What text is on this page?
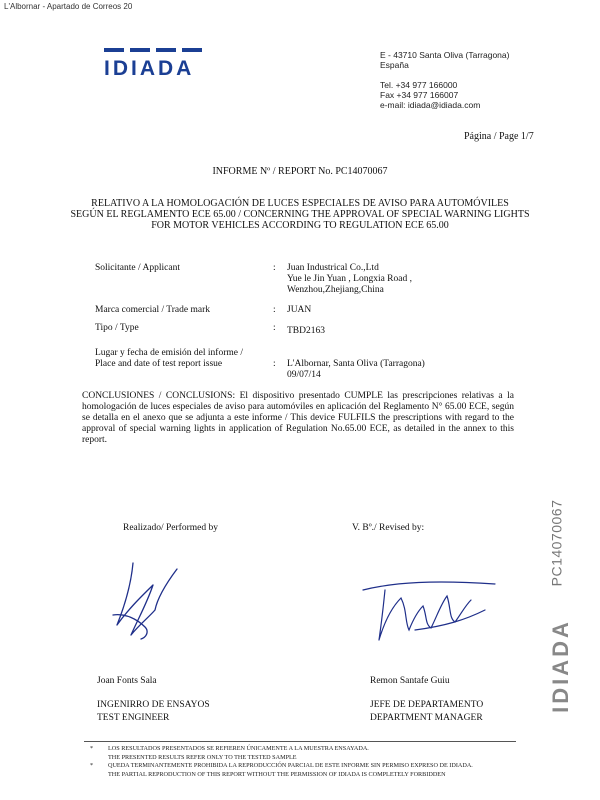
L'Albornar - Apartado de Correos 20
IDIADA
E - 43710 Santa Oliva (Tarragona)
España

Tel. +34 977 166000
Fax +34 977 166007
e-mail: idiada@idiada.com
Página / Page 1/7
INFORME Nº / REPORT No. PC14070067
RELATIVO A LA HOMOLOGACIÓN DE LUCES ESPECIALES DE AVISO PARA AUTOMÓVILES
SEGÚN EL REGLAMENTO ECE 65.00 / CONCERNING THE APPROVAL OF SPECIAL WARNING LIGHTS
FOR MOTOR VEHICLES ACCORDING TO REGULATION ECE 65.00
Solicitante / Applicant	: Juan Industrical Co.,Ltd
Yue le Jin Yuan , Longxia Road ,
Wenzhou,Zhejiang,China
Marca comercial / Trade mark	: JUAN
Tipo / Type	: TBD2163
Lugar y fecha de emisión del informe /
Place and date of test report issue	: L'Albornar, Santa Oliva (Tarragona)
09/07/14
CONCLUSIONES / CONCLUSIONS: El dispositivo presentado CUMPLE las prescripciones relativas a la homologación de luces especiales de aviso para automóviles en aplicación del Reglamento N° 65.00 ECE, según se detalla en el anexo que se adjunta a este informe / This device FULFILS the prescriptions with regard to the approval of special warning lights in application of Regulation No.65.00 ECE, as detailed in the annex to this report.
Realizado/ Performed by	V. Bº./ Revised by:
Joan Fonts Sala	Remon Santafe Guiu
INGENIRRO DE ENSAYOS
TEST ENGINEER
JEFE DE DEPARTAMENTO
DEPARTMENT MANAGER
PC14070067
IDIADA
* LOS RESULTADOS PRESENTADOS SE REFIEREN ÚNICAMENTE A LA MUESTRA ENSAYADA.
THE PRESENTED RESULTS REFER ONLY TO THE TESTED SAMPLE
* QUEDA TERMINANTEMENTE PROHIBIDA LA REPRODUCCIÓN PARCIAL DE ESTE INFORME SIN PERMISO EXPRESO DE IDIADA.
THE PARTIAL REPRODUCTION OF THIS REPORT WITHOUT THE PERMISSION OF IDIADA IS COMPLETELY FORBIDDEN
